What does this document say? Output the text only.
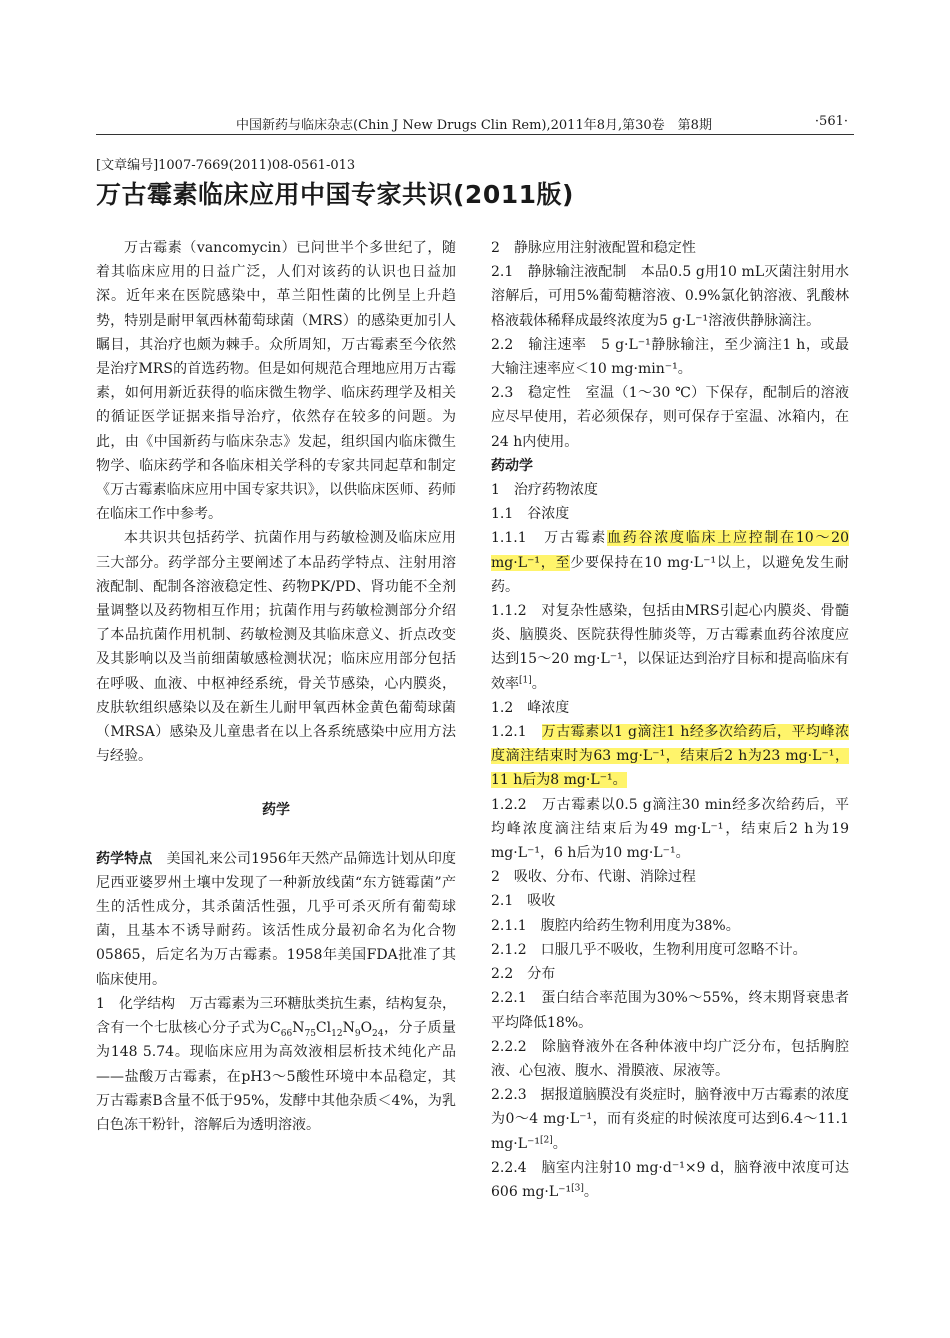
中国新药与临床杂志(Chin J New Drugs Clin Rem),2011年8月,第30卷　第8期	·561·
[文章编号]1007-7669(2011)08-0561-013
万古霉素临床应用中国专家共识(2011版)

万古霉素（vancomycin）已问世半个多世纪了，随着其临床应用的日益广泛，人们对该药的认识也日益加深。近年来在医院感染中，革兰阳性菌的比例呈上升趋势，特别是耐甲氧西林葡萄球菌（MRS）的感染更加引人瞩目，其治疗也颇为棘手。众所周知，万古霉素至今依然是治疗MRS的首选药物。但是如何规范合理地应用万古霉素，如何用新近获得的临床微生物学、临床药理学及相关的循证医学证据来指导治疗，依然存在较多的问题。为此，由《中国新药与临床杂志》发起，组织国内临床微生物学、临床药学和各临床相关学科的专家共同起草和制定《万古霉素临床应用中国专家共识》，以供临床医师、药师在临床工作中参考。

本共识共包括药学、抗菌作用与药敏检测及临床应用三大部分。药学部分主要阐述了本品药学特点、注射用溶液配制、配制各溶液稳定性、药物PK/PD、肾功能不全剂量调整以及药物相互作用；抗菌作用与药敏检测部分介绍了本品抗菌作用机制、药敏检测及其临床意义、折点改变及其影响以及当前细菌敏感检测状况；临床应用部分包括在呼吸、血液、中枢神经系统，骨关节感染，心内膜炎，皮肤软组织感染以及在新生儿耐甲氧西林金黄色葡萄球菌（MRSA）感染及儿童患者在以上各系统感染中应用方法与经验。

药学

药学特点　美国礼来公司1956年天然产品筛选计划从印度尼西亚婆罗州土壤中发现了一种新放线菌“东方链霉菌”产生的活性成分，其杀菌活性强，几乎可杀灭所有葡萄球菌，且基本不诱导耐药。该活性成分最初命名为化合物05865，后定名为万古霉素。1958年美国FDA批准了其临床使用。

1　化学结构　万古霉素为三环糖肽类抗生素，结构复杂，含有一个七肽核心分子式为$C_{66}N_{75}Cl_{12}N_9O_{24}$，分子质量为148 5.74。现临床应用为高效液相层析技术纯化产品——盐酸万古霉素，在pH3～5酸性环境中本品稳定，其万古霉素B含量不低于95%，发酵中其他杂质＜4%，为乳白色冻干粉针，溶解后为透明溶液。

2　静脉应用注射液配置和稳定性

2.1　静脉输注液配制　本品0.5 g用10 mL灭菌注射用水溶解后，可用5%葡萄糖溶液、0.9%氯化钠溶液、乳酸林格液载体稀释成最终浓度为5 g·L⁻¹溶液供静脉滴注。

2.2　输注速率　5 g·L⁻¹静脉输注，至少滴注1 h，或最大输注速率应＜10 mg·min⁻¹。

2.3　稳定性　室温（1～30 ℃）下保存，配制后的溶液应尽早使用，若必须保存，则可保存于室温、冰箱内，在24 h内使用。

药动学

1　治疗药物浓度

1.1　谷浓度

1.1.1　万古霉素血药谷浓度临床上应控制在10～20 mg·L⁻¹，至少要保持在10 mg·L⁻¹以上，以避免发生耐药。

1.1.2　对复杂性感染，包括由MRS引起心内膜炎、骨髓炎、脑膜炎、医院获得性肺炎等，万古霉素血药谷浓度应达到15～20 mg·L⁻¹，以保证达到治疗目标和提高临床有效率[1]。

1.2　峰浓度

1.2.1　万古霉素以1 g滴注1 h经多次给药后，平均峰浓度滴注结束时为63 mg·L⁻¹，结束后2 h为23 mg·L⁻¹，11 h后为8 mg·L⁻¹。

1.2.2　万古霉素以0.5 g滴注30 min经多次给药后，平均峰浓度滴注结束后为49 mg·L⁻¹，结束后2 h为19 mg·L⁻¹，6 h后为10 mg·L⁻¹。

2　吸收、分布、代谢、消除过程

2.1　吸收

2.1.1　腹腔内给药生物利用度为38%。

2.1.2　口服几乎不吸收，生物利用度可忽略不计。

2.2　分布

2.2.1　蛋白结合率范围为30%～55%，终末期肾衰患者平均降低18%。

2.2.2　除脑脊液外在各种体液中均广泛分布，包括胸腔液、心包液、腹水、滑膜液、尿液等。

2.2.3　据报道脑膜没有炎症时，脑脊液中万古霉素的浓度为0～4 mg·L⁻¹，而有炎症的时候浓度可达到6.4～11.1 mg·L⁻¹[2]。

2.2.4　脑室内注射10 mg·d⁻¹×9 d，脑脊液中浓度可达606 mg·L⁻¹[3]。
